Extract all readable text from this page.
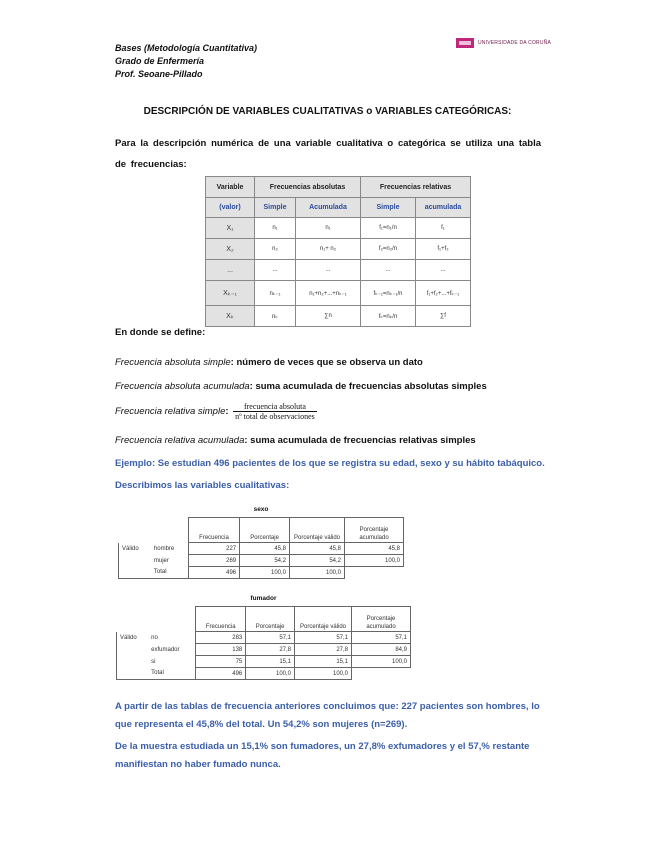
Bases (Metodología Cuantitativa)
Grado de Enfermería
Prof. Seoane-Pillado
UNIVERSIDADE DA CORUÑA
DESCRIPCIÓN DE VARIABLES CUALITATIVAS o VARIABLES CATEGÓRICAS:
Para la descripción numérica de una variable cualitativa o categórica se utiliza una tabla de frecuencias:
Variable	Frecuencias absolutas		Frecuencias relativas	
(valor)	Simple	Acumulada	Simple	acumulada
X₁	n₁	n₁	f₁=n₁/n	f₁
X₂	n₂	n₁+ n₂	f₂=n₂/n	f₁+f₂
...	...	...	...	...
Xₖ₋₁	nₖ₋₁	n₁+n₂+...+nₖ₋₁	fₖ₋₁=nₖ₋₁/n	f₁+f₂+...+fₖ₋₁
Xₖ	nₖ	∑n	fₖ=nₖ/n	∑f
En donde se define:
Frecuencia absoluta simple: número de veces que se observa un dato
Frecuencia absoluta acumulada: suma acumulada de frecuencias absolutas simples
Frecuencia relativa simple: $\frac{\text{frecuencia absoluta}}{\text{nº total de observaciones}}$
Frecuencia relativa acumulada: suma acumulada de frecuencias relativas simples
Ejemplo: Se estudian 496 pacientes de los que se registra su edad, sexo y su hábito tabáquico.
Describimos las variables cualitativas:
sexo
		Frecuencia	Porcentaje	Porcentaje válido	Porcentaje acumulado
Válido	hombre	227	45,8	45,8	45,8
	mujer	269	54,2	54,2	100,0
	Total	496	100,0	100,0	
fumador
		Frecuencia	Porcentaje	Porcentaje válido	Porcentaje acumulado
Válido	no	283	57,1	57,1	57,1
	exfumador	138	27,8	27,8	84,9
	si	75	15,1	15,1	100,0
	Total	496	100,0	100,0	
A partir de las tablas de frecuencia anteriores concluimos que: 227 pacientes son hombres, lo que representa el 45,8% del total. Un 54,2% son mujeres (n=269).
De la muestra estudiada un 15,1% son fumadores, un 27,8% exfumadores y el 57,% restante manifiestan no haber fumado nunca.
